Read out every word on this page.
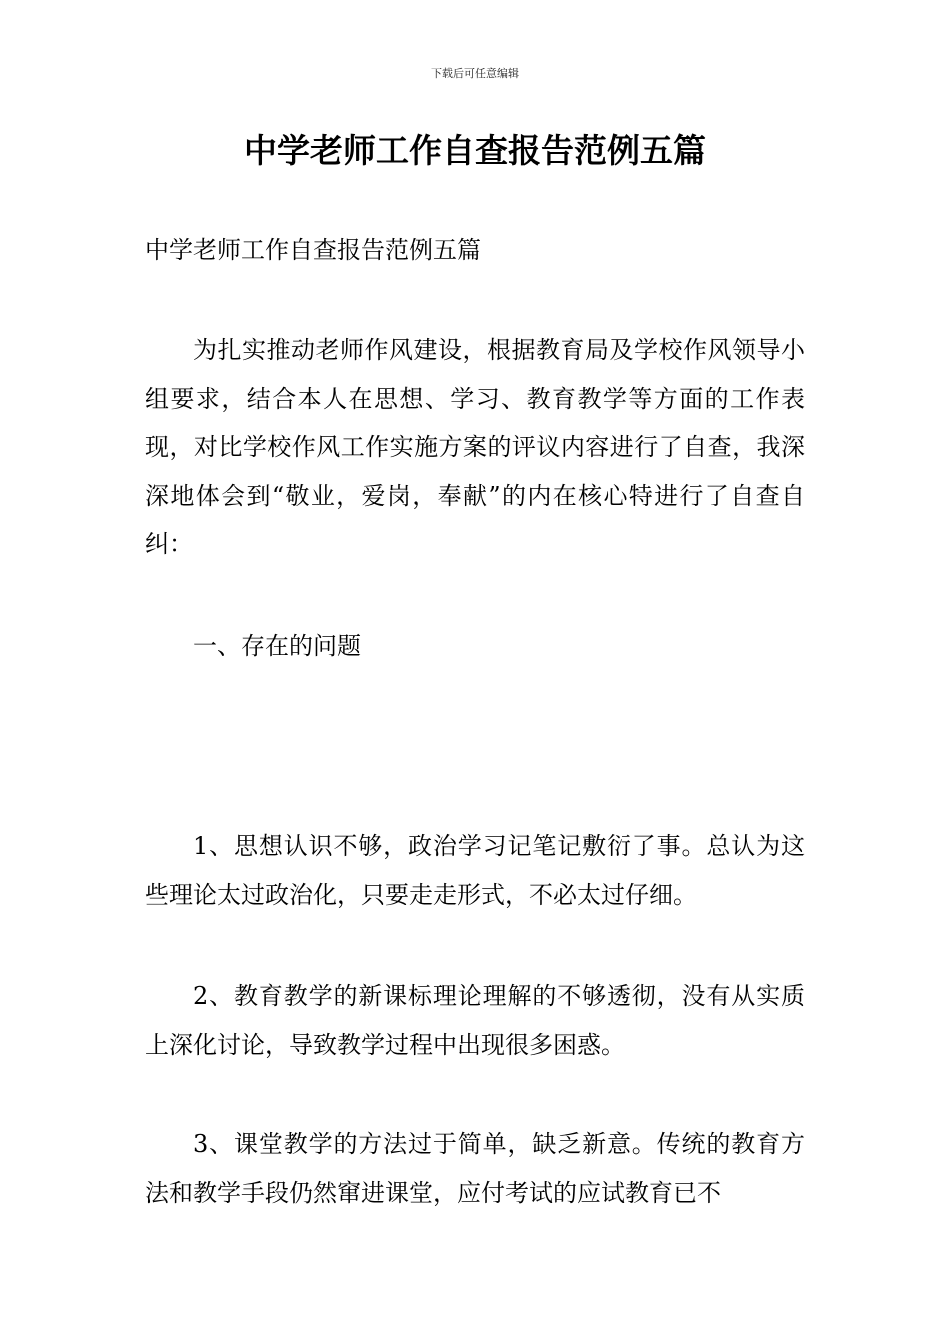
下载后可任意编辑
中学老师工作自查报告范例五篇

中学老师工作自查报告范例五篇

为扎实推动老师作风建设，根据教育局及学校作风领导小组要求，结合本人在思想、学习、教育教学等方面的工作表现，对比学校作风工作实施方案的评议内容进行了自查，我深深地体会到“敬业，爱岗，奉献”的内在核心特进行了自查自纠：

一、存在的问题

1、思想认识不够，政治学习记笔记敷衍了事。总认为这些理论太过政治化，只要走走形式，不必太过仔细。

2、教育教学的新课标理论理解的不够透彻，没有从实质上深化讨论，导致教学过程中出现很多困惑。

3、课堂教学的方法过于简单，缺乏新意。传统的教育方法和教学手段仍然窜进课堂，应付考试的应试教育已不
